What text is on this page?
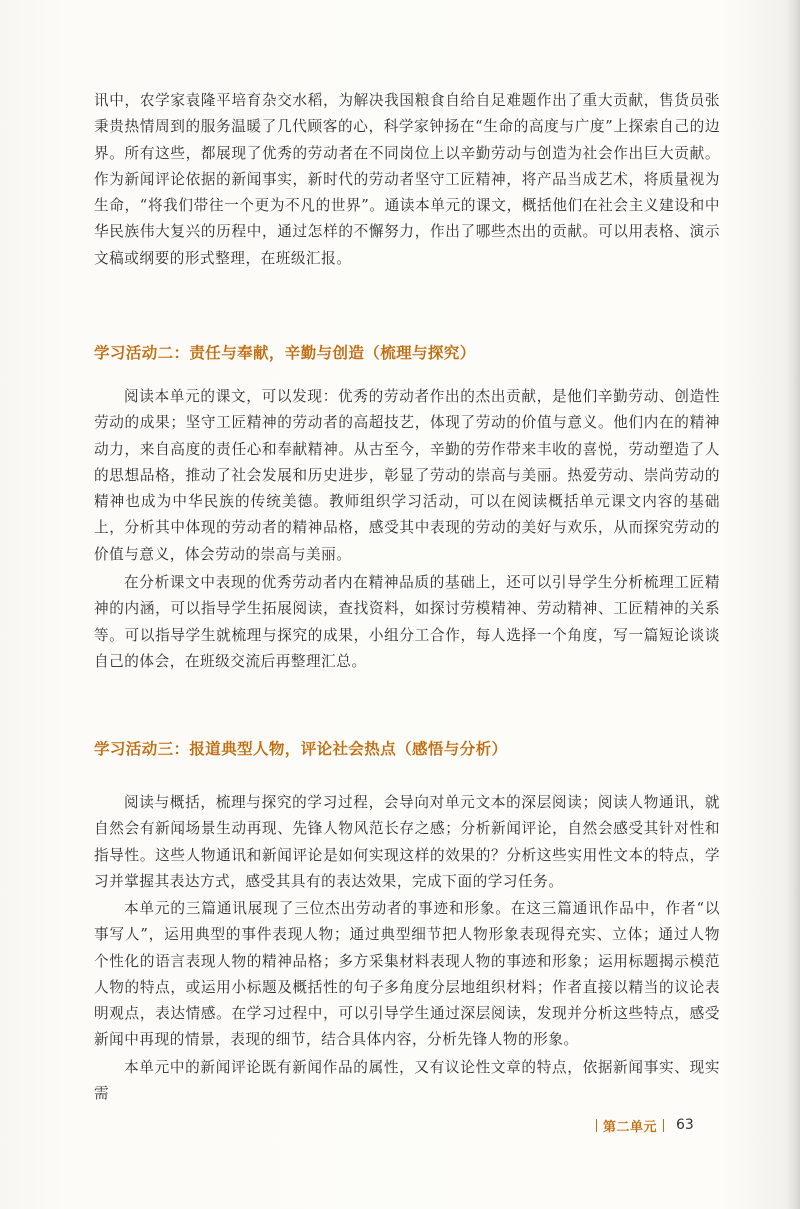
讯中，农学家袁隆平培育杂交水稻，为解决我国粮食自给自足难题作出了重大贡献，售货员张秉贵热情周到的服务温暖了几代顾客的心，科学家钟扬在“生命的高度与广度”上探索自己的边界。所有这些，都展现了优秀的劳动者在不同岗位上以辛勤劳动与创造为社会作出巨大贡献。作为新闻评论依据的新闻事实，新时代的劳动者坚守工匠精神，将产品当成艺术，将质量视为生命，“将我们带往一个更为不凡的世界”。通读本单元的课文，概括他们在社会主义建设和中华民族伟大复兴的历程中，通过怎样的不懈努力，作出了哪些杰出的贡献。可以用表格、演示文稿或纲要的形式整理，在班级汇报。

学习活动二：责任与奉献，辛勤与创造（梳理与探究）

阅读本单元的课文，可以发现：优秀的劳动者作出的杰出贡献，是他们辛勤劳动、创造性劳动的成果；坚守工匠精神的劳动者的高超技艺，体现了劳动的价值与意义。他们内在的精神动力，来自高度的责任心和奉献精神。从古至今，辛勤的劳作带来丰收的喜悦，劳动塑造了人的思想品格，推动了社会发展和历史进步，彰显了劳动的崇高与美丽。热爱劳动、崇尚劳动的精神也成为中华民族的传统美德。教师组织学习活动，可以在阅读概括单元课文内容的基础上，分析其中体现的劳动者的精神品格，感受其中表现的劳动的美好与欢乐，从而探究劳动的价值与意义，体会劳动的崇高与美丽。

在分析课文中表现的优秀劳动者内在精神品质的基础上，还可以引导学生分析梳理工匠精神的内涵，可以指导学生拓展阅读，查找资料，如探讨劳模精神、劳动精神、工匠精神的关系等。可以指导学生就梳理与探究的成果，小组分工合作，每人选择一个角度，写一篇短论谈谈自己的体会，在班级交流后再整理汇总。

学习活动三：报道典型人物，评论社会热点（感悟与分析）

阅读与概括，梳理与探究的学习过程，会导向对单元文本的深层阅读；阅读人物通讯，就自然会有新闻场景生动再现、先锋人物风范长存之感；分析新闻评论，自然会感受其针对性和指导性。这些人物通讯和新闻评论是如何实现这样的效果的？分析这些实用性文本的特点，学习并掌握其表达方式，感受其具有的表达效果，完成下面的学习任务。

本单元的三篇通讯展现了三位杰出劳动者的事迹和形象。在这三篇通讯作品中，作者“以事写人”，运用典型的事件表现人物；通过典型细节把人物形象表现得充实、立体；通过人物个性化的语言表现人物的精神品格；多方采集材料表现人物的事迹和形象；运用标题揭示模范人物的特点，或运用小标题及概括性的句子多角度分层地组织材料；作者直接以精当的议论表明观点，表达情感。在学习过程中，可以引导学生通过深层阅读，发现并分析这些特点，感受新闻中再现的情景，表现的细节，结合具体内容，分析先锋人物的形象。

本单元中的新闻评论既有新闻作品的属性，又有议论性文章的特点，依据新闻事实、现实需

第二单元 63
